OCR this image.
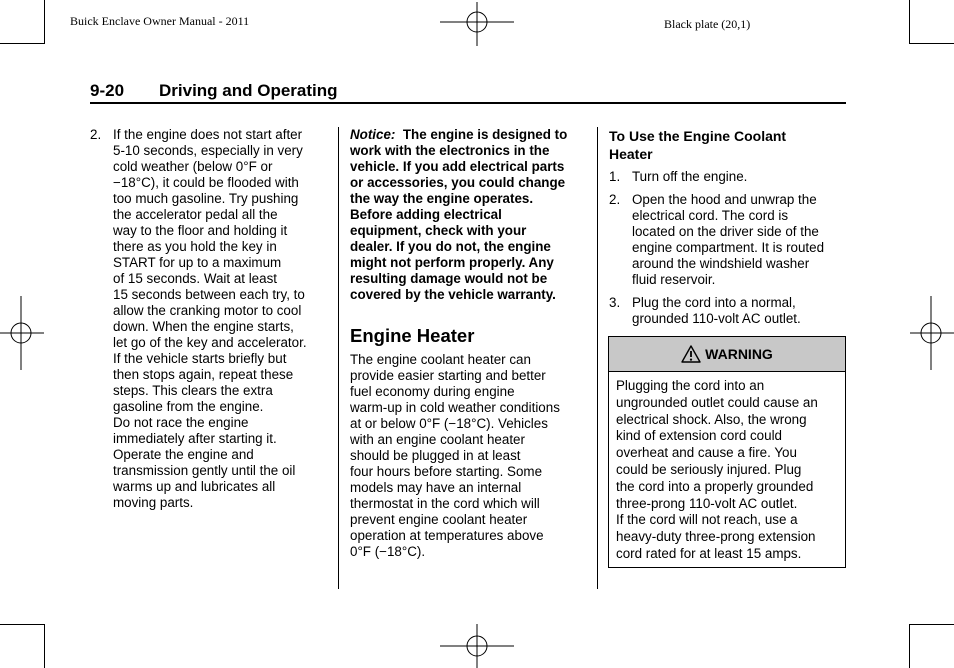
Buick Enclave Owner Manual - 2011	Black plate (20,1)
9-20 Driving and Operating
2. If the engine does not start after
5-10 seconds, especially in very
cold weather (below 0°F or
−18°C), it could be flooded with
too much gasoline. Try pushing
the accelerator pedal all the
way to the floor and holding it
there as you hold the key in
START for up to a maximum
of 15 seconds. Wait at least
15 seconds between each try, to
allow the cranking motor to cool
down. When the engine starts,
let go of the key and accelerator.
If the vehicle starts briefly but
then stops again, repeat these
steps. This clears the extra
gasoline from the engine.
Do not race the engine
immediately after starting it.
Operate the engine and
transmission gently until the oil
warms up and lubricates all
moving parts.
Notice: The engine is designed to
work with the electronics in the
vehicle. If you add electrical parts
or accessories, you could change
the way the engine operates.
Before adding electrical
equipment, check with your
dealer. If you do not, the engine
might not perform properly. Any
resulting damage would not be
covered by the vehicle warranty.
Engine Heater
The engine coolant heater can
provide easier starting and better
fuel economy during engine
warm-up in cold weather conditions
at or below 0°F (−18°C). Vehicles
with an engine coolant heater
should be plugged in at least
four hours before starting. Some
models may have an internal
thermostat in the cord which will
prevent engine coolant heater
operation at temperatures above
0°F (−18°C).
To Use the Engine Coolant
Heater
1. Turn off the engine.
2. Open the hood and unwrap the
electrical cord. The cord is
located on the driver side of the
engine compartment. It is routed
around the windshield washer
fluid reservoir.
3. Plug the cord into a normal,
grounded 110-volt AC outlet.
WARNING
Plugging the cord into an
ungrounded outlet could cause an
electrical shock. Also, the wrong
kind of extension cord could
overheat and cause a fire. You
could be seriously injured. Plug
the cord into a properly grounded
three-prong 110-volt AC outlet.
If the cord will not reach, use a
heavy-duty three-prong extension
cord rated for at least 15 amps.
